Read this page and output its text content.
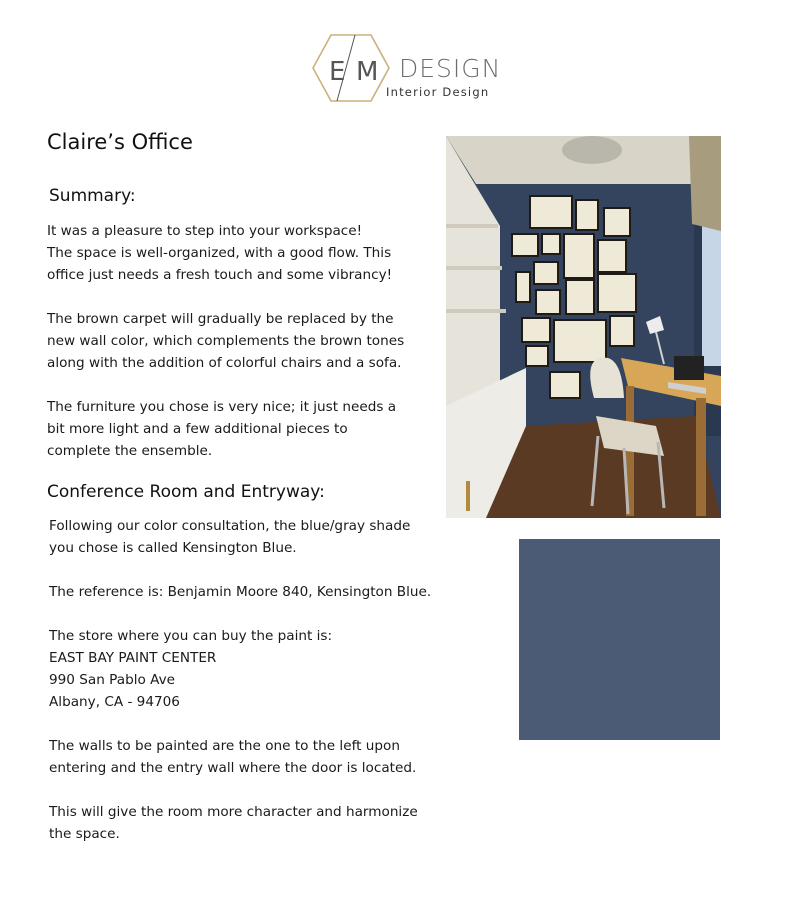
E M DESIGN
Interior Design
Claire’s Office
Summary:
It was a pleasure to step into your workspace!
The space is well-organized, with a good flow. This
office just needs a fresh touch and some vibrancy!
The brown carpet will gradually be replaced by the
new wall color, which complements the brown tones
along with the addition of colorful chairs and a sofa.
The furniture you chose is very nice; it just needs a
bit more light and a few additional pieces to
complete the ensemble.
Conference Room and Entryway:
Following our color consultation, the blue/gray shade
you chose is called Kensington Blue.
The reference is: Benjamin Moore 840, Kensington Blue.
The store where you can buy the paint is:
EAST BAY PAINT CENTER
990 San Pablo Ave
Albany, CA - 94706
The walls to be painted are the one to the left upon
entering and the entry wall where the door is located.
This will give the room more character and harmonize
the space.
